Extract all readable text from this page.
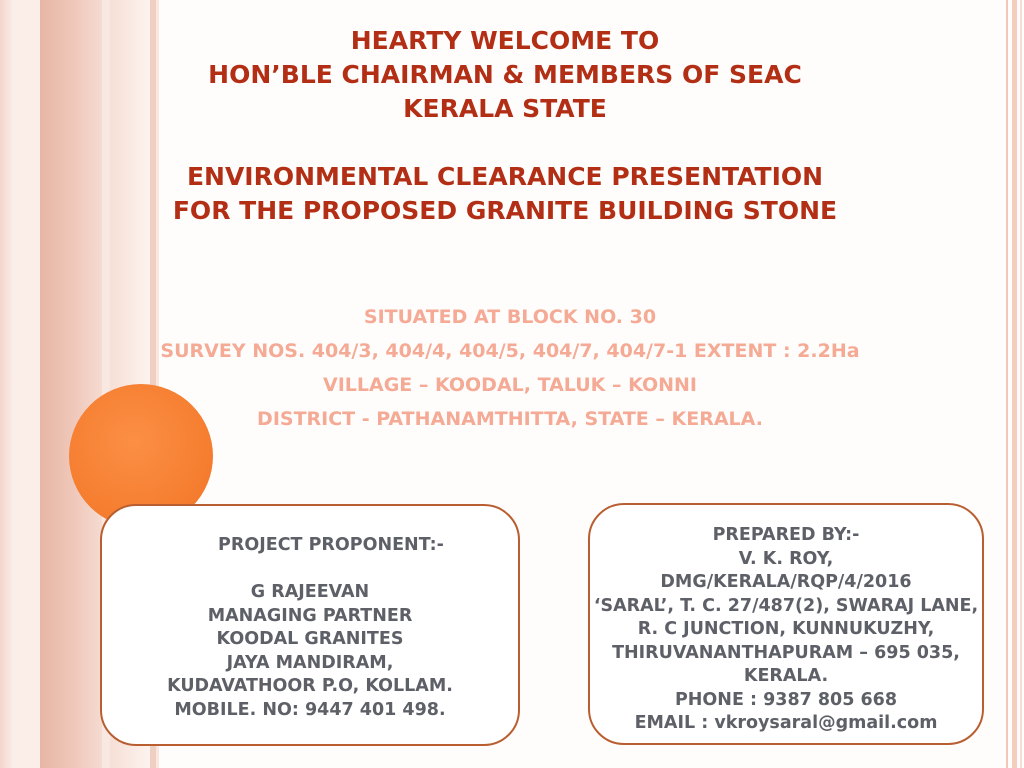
HEARTY WELCOME TO
HON’BLE CHAIRMAN & MEMBERS OF SEAC
KERALA STATE
ENVIRONMENTAL CLEARANCE PRESENTATION
FOR THE PROPOSED GRANITE BUILDING STONE
SITUATED AT BLOCK NO. 30
SURVEY NOS. 404/3, 404/4, 404/5, 404/7, 404/7-1 EXTENT : 2.2Ha
VILLAGE – KOODAL, TALUK – KONNI
DISTRICT - PATHANAMTHITTA, STATE – KERALA.
PROJECT PROPONENT:-
G RAJEEVAN
MANAGING PARTNER
KOODAL GRANITES
JAYA MANDIRAM,
KUDAVATHOOR P.O, KOLLAM.
MOBILE. NO: 9447 401 498.
PREPARED BY:-
V. K. ROY,
DMG/KERALA/RQP/4/2016
‘SARAL’, T. C. 27/487(2), SWARAJ LANE,
R. C JUNCTION, KUNNUKUZHY,
THIRUVANANTHAPURAM – 695 035,
KERALA.
PHONE : 9387 805 668
EMAIL : vkroysaral@gmail.com
